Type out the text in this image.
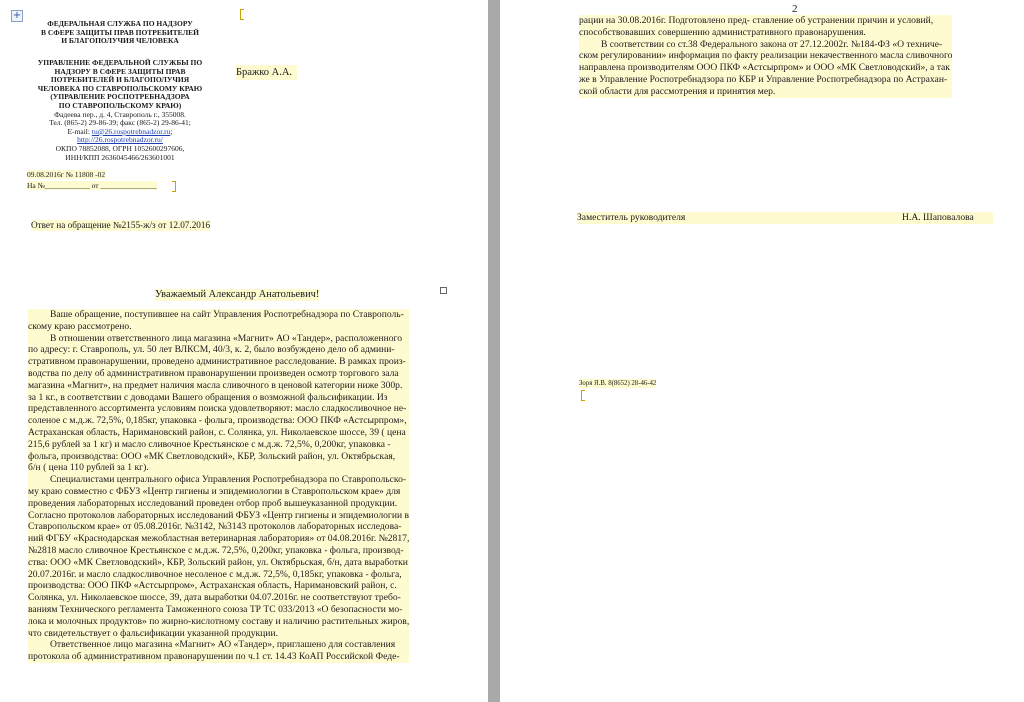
+
ФЕДЕРАЛЬНАЯ СЛУЖБА ПО НАДЗОРУ
В СФЕРЕ ЗАЩИТЫ ПРАВ ПОТРЕБИТЕЛЕЙ
И БЛАГОПОЛУЧИЯ ЧЕЛОВЕКА
УПРАВЛЕНИЕ ФЕДЕРАЛЬНОЙ СЛУЖБЫ ПО
НАДЗОРУ В СФЕРЕ ЗАЩИТЫ ПРАВ
ПОТРЕБИТЕЛЕЙ И БЛАГОПОЛУЧИЯ
ЧЕЛОВЕКА ПО СТАВРОПОЛЬСКОМУ КРАЮ
(УПРАВЛЕНИЕ РОСПОТРЕБНАДЗОРА
ПО СТАВРОПОЛЬСКОМУ КРАЮ)
Фадеева пер., д. 4, Ставрополь г., 355008.
Тел. (865-2) 29-86-39; факс (865-2) 29-86-41;
E-mail: tu@26.rospotrebnadzor.ru;
http://26.rospotrebnadzor.ru/
ОКПО 78852088, ОГРН 1052600297606,
ИНН/КПП 2636045466/263601001
09.08.2016г № 11808 -02
На №____________ от _______________
Бражко А.А.
Ответ на обращение №2155-ж/з от 12.07.2016
Уважаемый Александр Анатольевич!
Ваше обращение, поступившее на сайт Управления Роспотребнадзора по Ставрополь-
скому краю рассмотрено.
В отношении ответственного лица магазина «Магнит» АО «Тандер», расположенного
по адресу: г. Ставрополь, ул. 50 лет ВЛКСМ, 40/3, к. 2, было возбуждено дело об админи-
стративном правонарушении, проведено административное расследование. В рамках произ-
водства по делу об административном правонарушении произведен осмотр торгового зала
магазина «Магнит», на предмет наличия масла сливочного в ценовой категории ниже 300р.
за 1 кг., в соответствии с доводами Вашего обращения о возможной фальсификации. Из
представленного ассортимента условиям поиска удовлетворяют: масло сладкосливочное не-
соленое с м.д.ж. 72,5%, 0,185кг, упаковка - фольга, производства: ООО ПКФ «Астсырпром»,
Астраханская область, Наримановский район, с. Солянка, ул. Николаевское шоссе, 39 ( цена
215,6 рублей за 1 кг) и масло сливочное Крестьянское с м.д.ж. 72,5%, 0,200кг, упаковка -
фольга, производства: ООО «МК Светловодский», КБР, Зольский район, ул. Октябрьская,
б/н ( цена 110 рублей за 1 кг).
Специалистами центрального офиса Управления Роспотребнадзора по Ставропольско-
му краю совместно с ФБУЗ «Центр гигиены и эпидемиологии в Ставропольском крае» для
проведения лабораторных исследований проведен отбор проб вышеуказанной продукции.
Согласно протоколов лабораторных исследований ФБУЗ «Центр гигиены и эпидемиологии в
Ставропольском крае» от 05.08.2016г. №3142, №3143 протоколов лабораторных исследова-
ний ФГБУ «Краснодарская межобластная ветеринарная лаборатория» от 04.08.2016г. №2817,
№2818 масло сливочное Крестьянское с м.д.ж. 72,5%, 0,200кг, упаковка - фольга, производ-
ства: ООО «МК Светловодский», КБР, Зольский район, ул. Октябрьская, б/н, дата выработки
20.07.2016г. и масло сладкосливочное несоленое с м.д.ж. 72,5%, 0,185кг, упаковка - фольга,
производства: ООО ПКФ «Астсырпром», Астраханская область, Наримановский район, с.
Солянка, ул. Николаевское шоссе, 39, дата выработки 04.07.2016г. не соответствуют требо-
ваниям Технического регламента Таможенного союза ТР ТС 033/2013 «О безопасности мо-
лока и молочных продуктов» по жирно-кислотному составу и наличию растительных жиров,
что свидетельствует о фальсификации указанной продукции.
Ответственное лицо магазина «Магнит» АО «Тандер», приглашено для составления
протокола об административном правонарушении по ч.1 ст. 14.43 КоАП Российской Феде-
2
рации на 30.08.2016г. Подготовлено пред- ставление об устранении причин и условий,
способствовавших совершению административного правонарушения.
В соответствии со ст.38 Федерального закона от 27.12.2002г. №184-ФЗ «О техниче-
ском регулировании» информация по факту реализации некачественного масла сливочного
направлена производителям ООО ПКФ «Астсырпром» и ООО «МК Светловодский», а так
же в Управление Роспотребнадзора по КБР и Управление Роспотребнадзора по Астрахан-
ской области для рассмотрения и принятия мер.
Заместитель руководителя	Н.А. Шаповалова
Зоря Я.В. 8(8652) 28-46-42
